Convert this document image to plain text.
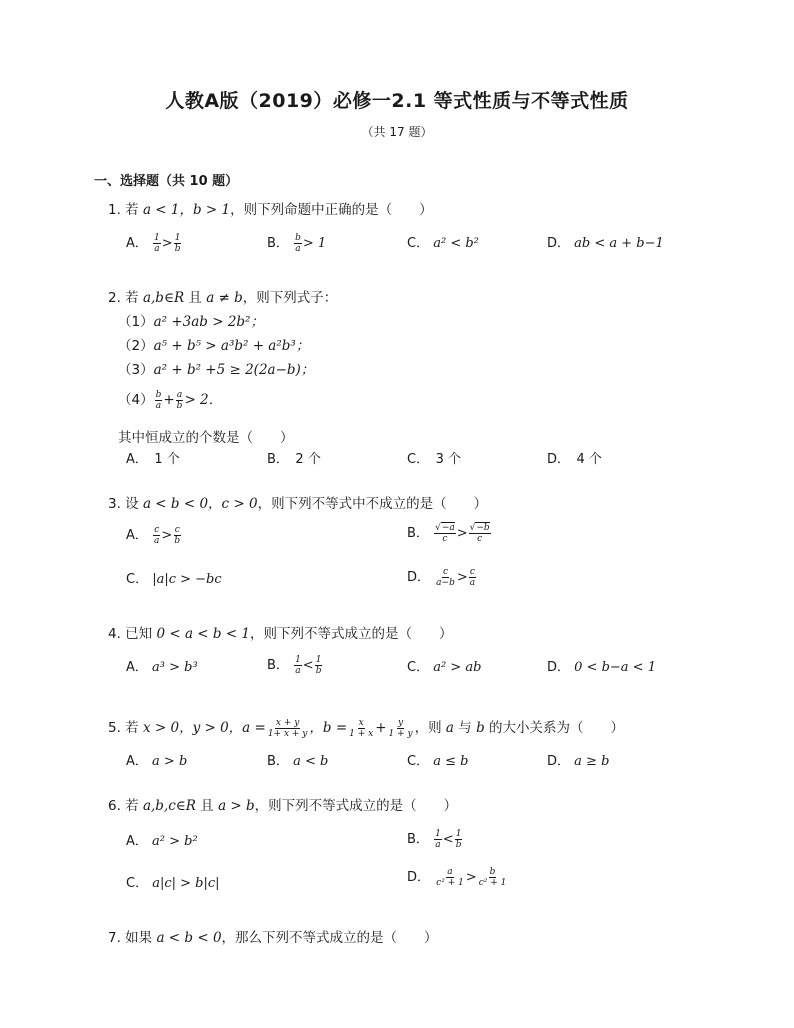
人教A版（2019）必修一2.1 等式性质与不等式性质
（共 17 题）
一、选择题（共 10 题）
1. 若 a < 1，b > 1，则下列命题中正确的是（　　）
A． $\frac{1}{a} > \frac{1}{b}$	B． $\frac{b}{a} > 1$	C． a² < b²	D． ab < a + b−1
2. 若 a,b∈R 且 a ≠ b，则下列式子：
（1）a² +3ab > 2b²；
（2）a⁵ + b⁵ > a³b² + a²b³；
（3）a² + b² +5 ≥ 2(2a−b)；
$(4) \frac{b}{a} + \frac{a}{b} > 2$．
其中恒成立的个数是（　　）
A．　1 个	B．　2 个	C．　3 个	D．　4 个
3. 设 a < b < 0，c > 0，则下列不等式中不成立的是（　　）
A． $\frac{c}{a} > \frac{c}{b}$	B． $\frac{√-a}{c} > \frac{√-b}{c}$
C． |a|c > −bc	D． $\frac{c}{a-b} > \frac{c}{a}$
4. 已知 0 < a < b < 1，则下列不等式成立的是（　　）
A． a³ > b³	B． $\frac{1}{a} < \frac{1}{b}$	C． a² > ab	D． 0 < b−a < 1
5. 若 x > 0，y > 0，$a = \frac{x + y}{1+ x + y}$ ，$b = \frac{x}{1 + x} + \frac{y}{1 + y}$ ，则 a 与 b 的大小关系为（　　）
A． a > b	B． a < b	C． a ≤ b	D． a ≥ b
6. 若 a,b,c∈R 且 a > b，则下列不等式成立的是（　　）
A． a² > b²	B． $\frac{1}{a} < \frac{1}{b}$
C． a|c| > b|c|	D． $\frac{a}{\text{c² + 1}} > \frac{b}{\text{c² + 1}}$
7. 如果 a < b < 0，那么下列不等式成立的是（　　）
